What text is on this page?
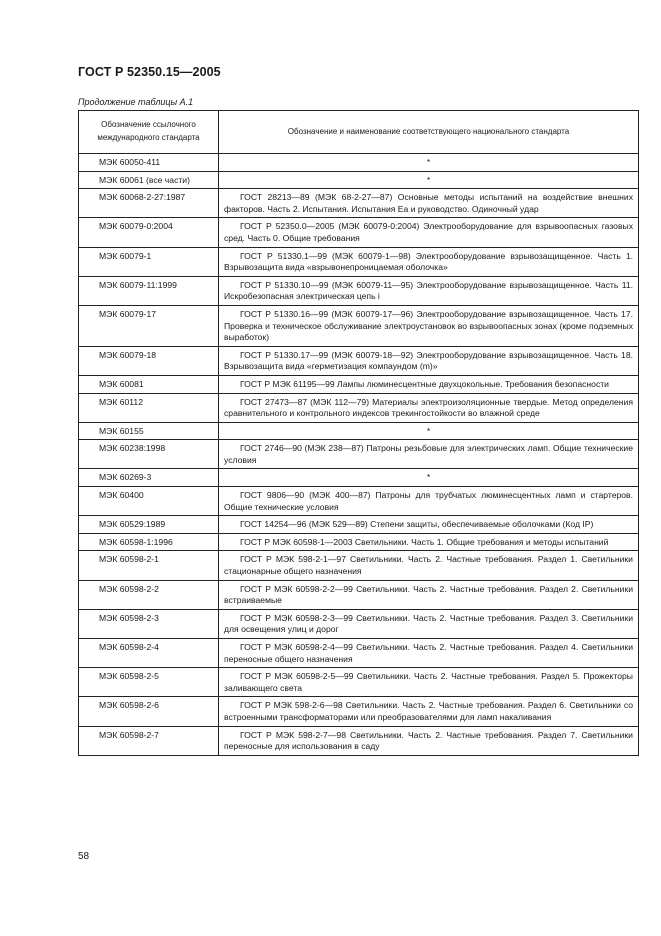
ГОСТ Р 52350.15—2005
Продолжение таблицы А.1
Обозначение ссылочного международного стандарта	Обозначение и наименование соответствующего национального стандарта
МЭК 60050-411	*
МЭК 60061 (все части)	*
МЭК 60068-2-27:1987	ГОСТ 28213—89 (МЭК 68-2-27—87) Основные методы испытаний на воздействие внешних факторов. Часть 2. Испытания. Испытания Еа и руководство. Одиночный удар
МЭК 60079-0:2004	ГОСТ Р 52350.0—2005 (МЭК 60079-0:2004) Электрооборудование для взрывоопасных газовых сред. Часть 0. Общие требования
МЭК 60079-1	ГОСТ Р 51330.1—99 (МЭК 60079-1—98) Электрооборудование взрывозащищенное. Часть 1. Взрывозащита вида «взрывонепроницаемая оболочка»
МЭК 60079-11:1999	ГОСТ Р 51330.10—99 (МЭК 60079-11—95) Электрооборудование взрывозащищенное. Часть 11. Искробезопасная электрическая цепь i
МЭК 60079-17	ГОСТ Р 51330.16—99 (МЭК 60079-17—96) Электрооборудование взрывозащищенное. Часть 17. Проверка и техническое обслуживание электроустановок во взрывоопасных зонах (кроме подземных выработок)
МЭК 60079-18	ГОСТ Р 51330.17—99 (МЭК 60079-18—92) Электрооборудование взрывозащищенное. Часть 18. Взрывозащита вида «герметизация компаундом (m)»
МЭК 60081	ГОСТ Р МЭК 61195—99 Лампы люминесцентные двухцокольные. Требования безопасности
МЭК 60112	ГОСТ 27473—87 (МЭК 112—79) Материалы электроизоляционные твердые. Метод определения сравнительного и контрольного индексов трекингостойкости во влажной среде
МЭК 60155	*
МЭК 60238:1998	ГОСТ 2746—90 (МЭК 238—87) Патроны резьбовые для электрических ламп. Общие технические условия
МЭК 60269-3	*
МЭК 60400	ГОСТ 9806—90 (МЭК 400—87) Патроны для трубчатых люминесцентных ламп и стартеров. Общие технические условия
МЭК 60529:1989	ГОСТ 14254—96 (МЭК 529—89) Степени защиты, обеспечиваемые оболочками (Код IP)
МЭК 60598-1:1996	ГОСТ Р МЭК 60598-1—2003 Светильники. Часть 1. Общие требования и методы испытаний
МЭК 60598-2-1	ГОСТ Р МЭК 598-2-1—97 Светильники. Часть 2. Частные требования. Раздел 1. Светильники стационарные общего назначения
МЭК 60598-2-2	ГОСТ Р МЭК 60598-2-2—99 Светильники. Часть 2. Частные требования. Раздел 2. Светильники встраиваемые
МЭК 60598-2-3	ГОСТ Р МЭК 60598-2-3—99 Светильники. Часть 2. Частные требования. Раздел 3. Светильники для освещения улиц и дорог
МЭК 60598-2-4	ГОСТ Р МЭК 60598-2-4—99 Светильники. Часть 2. Частные требования. Раздел 4. Светильники переносные общего назначения
МЭК 60598-2-5	ГОСТ Р МЭК 60598-2-5—99 Светильники. Часть 2. Частные требования. Раздел 5. Прожекторы заливающего света
МЭК 60598-2-6	ГОСТ Р МЭК 598-2-6—98 Светильники. Часть 2. Частные требования. Раздел 6. Светильники со встроенными трансформаторами или преобразователями для ламп накаливания
МЭК 60598-2-7	ГОСТ Р МЭК 598-2-7—98 Светильники. Часть 2. Частные требования. Раздел 7. Светильники переносные для использования в саду
58
